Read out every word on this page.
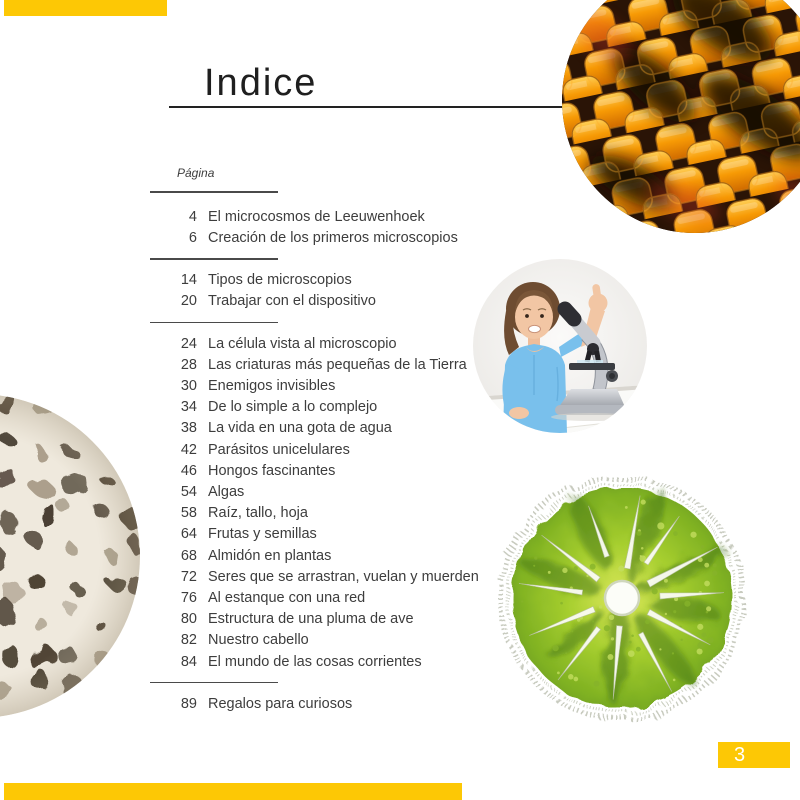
Indice
Página
4 El microcosmos de Leeuwenhoek
6 Creación de los primeros microscopios
14 Tipos de microscopios
20 Trabajar con el dispositivo
24 La célula vista al microscopio
28 Las criaturas más pequeñas de la Tierra
30 Enemigos invisibles
34 De lo simple a lo complejo
38 La vida en una gota de agua
42 Parásitos unicelulares
46 Hongos fascinantes
54 Algas
58 Raíz, tallo, hoja
64 Frutas y semillas
68 Almidón en plantas
72 Seres que se arrastran, vuelan y muerden
76 Al estanque con una red
80 Estructura de una pluma de ave
82 Nuestro cabello
84 El mundo de las cosas corrientes
89 Regalos para curiosos
3
